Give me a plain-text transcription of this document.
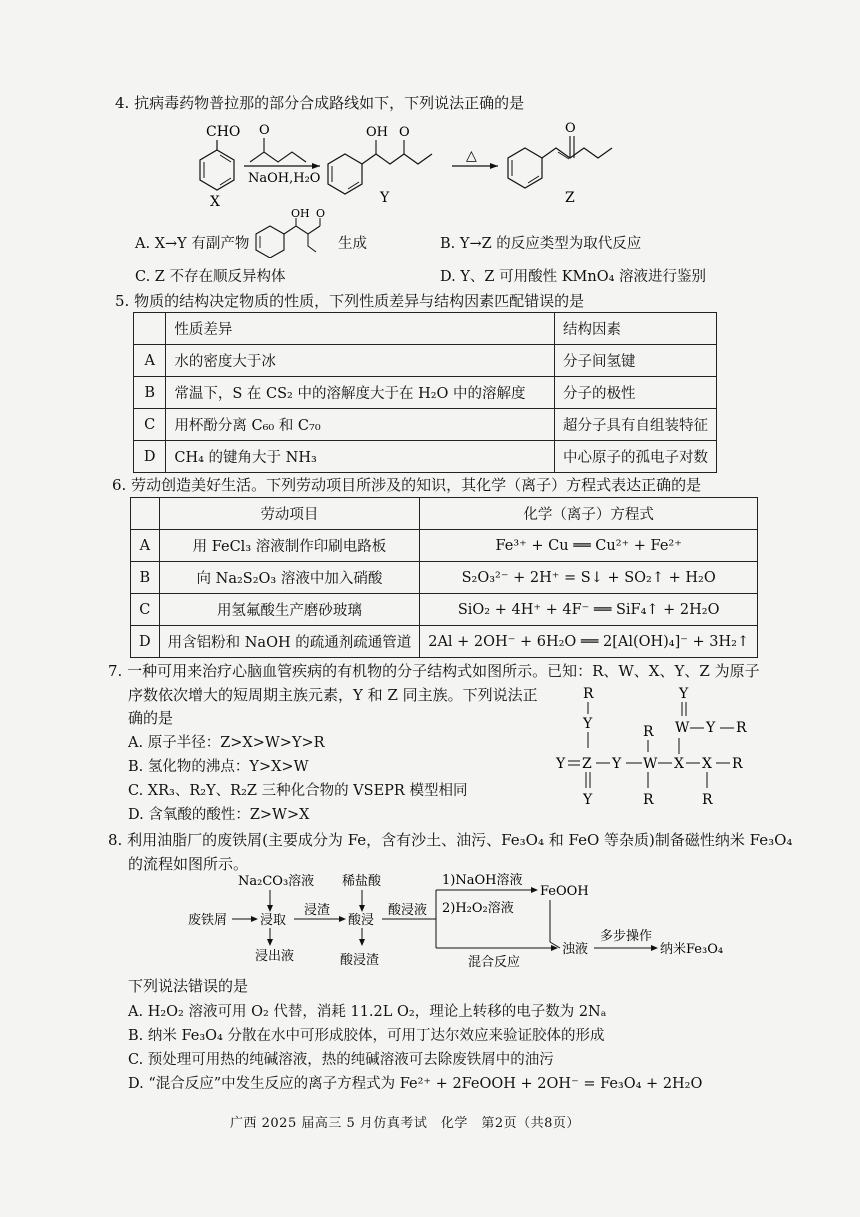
4. 抗病毒药物普拉那的部分合成路线如下，下列说法正确的是
CHO
X
O
NaOH,H₂O
OH O
Y
△
O
Z
A. X→Y 有副产物
OH O
生成	B. Y→Z 的反应类型为取代反应
C. Z 不存在顺反异构体	D. Y、Z 可用酸性 KMnO₄ 溶液进行鉴别
5. 物质的结构决定物质的性质，下列性质差异与结构因素匹配错误的是
	性质差异	结构因素
A	水的密度大于冰	分子间氢键
B	常温下，S 在 CS₂ 中的溶解度大于在 H₂O 中的溶解度	分子的极性
C	用杯酚分离 C₆₀ 和 C₇₀	超分子具有自组装特征
D	CH₄ 的键角大于 NH₃	中心原子的孤电子对数
6. 劳动创造美好生活。下列劳动项目所涉及的知识，其化学（离子）方程式表达正确的是
	劳动项目	化学（离子）方程式
A	用 FeCl₃ 溶液制作印刷电路板	Fe³⁺ + Cu ══ Cu²⁺ + Fe²⁺
B	向 Na₂S₂O₃ 溶液中加入硝酸	S₂O₃²⁻ + 2H⁺ = S↓ + SO₂↑ + H₂O
C	用氢氟酸生产磨砂玻璃	SiO₂ + 4H⁺ + 4F⁻ ══ SiF₄↑ + 2H₂O
D	用含铝粉和 NaOH 的疏通剂疏通管道	2Al + 2OH⁻ + 6H₂O ══ 2[Al(OH)₄]⁻ + 3H₂↑
7. 一种可用来治疗心脑血管疾病的有机物的分子结构式如图所示。已知：R、W、X、Y、Z 为原子
序数依次增大的短周期主族元素，Y 和 Z 同主族。下列说法正
确的是
A. 原子半径：Z>X>W>Y>R
B. 氢化物的沸点：Y>X>W
C. XR₃、R₂Y、R₂Z 三种化合物的 VSEPR 模型相同
D. 含氧酸的酸性：Z>W>X
R
Y
Y Z Y
Y
R
W
R
X
Y
W Y R
X R
R
8. 利用油脂厂的废铁屑(主要成分为 Fe，含有沙土、油污、Fe₃O₄ 和 FeO 等杂质)制备磁性纳米 Fe₃O₄
的流程如图所示。
Na₂CO₃溶液
废铁屑	浸取
浸渣
浸出液
稀盐酸
酸浸
酸浸渣
酸浸液
1)NaOH溶液
2)H₂O₂溶液
FeOOH
混合反应
浊液
多步操作
纳米Fe₃O₄
下列说法错误的是
A. H₂O₂ 溶液可用 O₂ 代替，消耗 11.2L O₂，理论上转移的电子数为 2Nₐ
B. 纳米 Fe₃O₄ 分散在水中可形成胶体，可用丁达尔效应来验证胶体的形成
C. 预处理可用热的纯碱溶液，热的纯碱溶液可去除废铁屑中的油污
D. “混合反应”中发生反应的离子方程式为 Fe²⁺ + 2FeOOH + 2OH⁻ = Fe₃O₄ + 2H₂O
广西 2025 届高三 5 月仿真考试　化学　第2页（共8页）
